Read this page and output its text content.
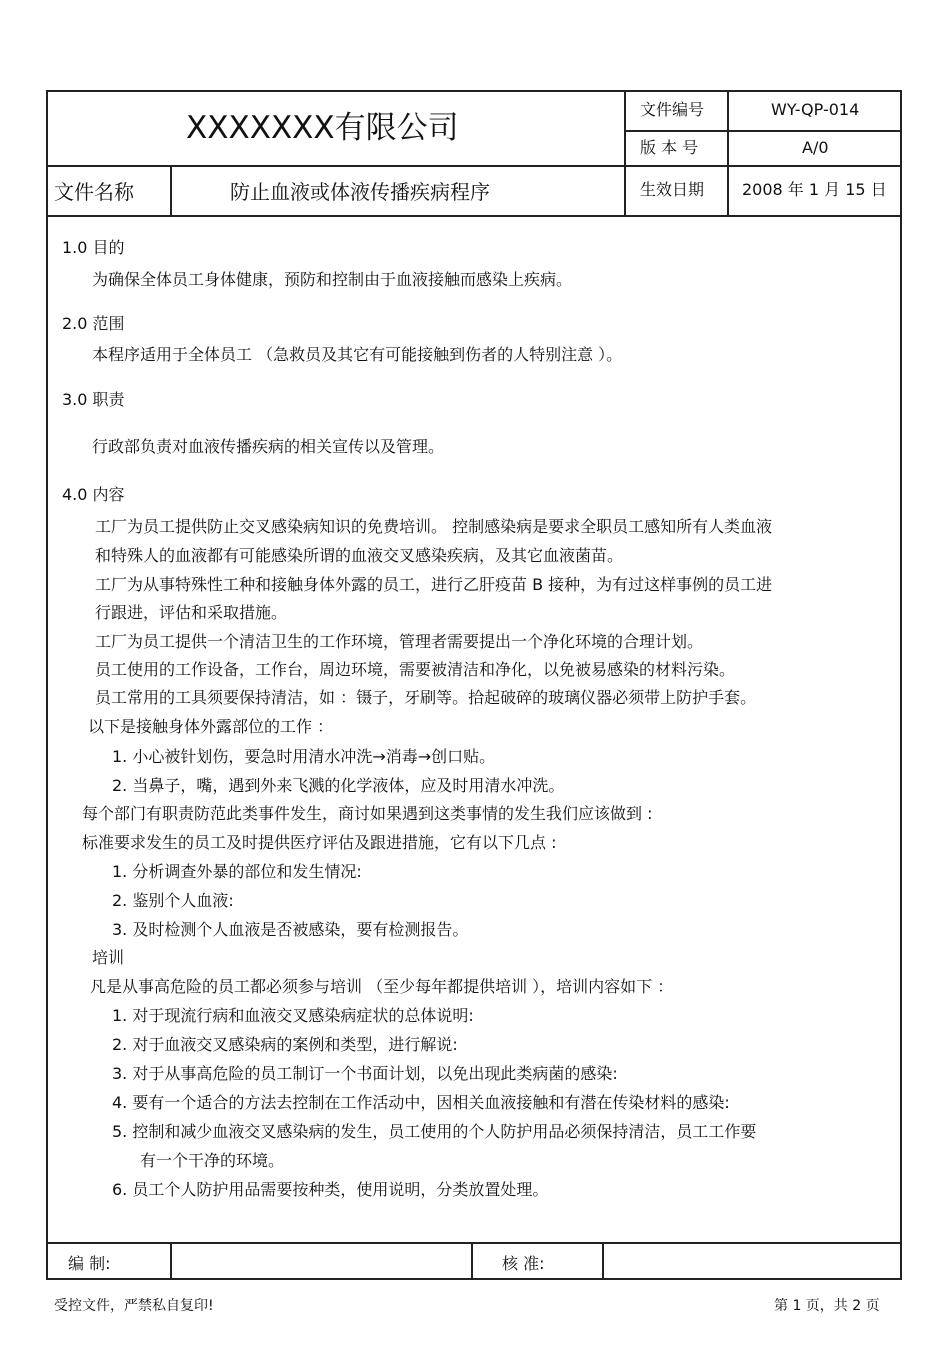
XXXXXXX有限公司
文件编号	WY-QP-014
版 本 号	A/0
文件名称	防止血液或体液传播疾病程序	生效日期 2008 年 1 月 15 日
1.0 目的
为确保全体员工身体健康，预防和控制由于血液接触而感染上疾病。
2.0 范围
本程序适用于全体员工 （急救员及其它有可能接触到伤者的人特别注意 ）。
3.0 职责
行政部负责对血液传播疾病的相关宣传以及管理。
4.0 内容
工厂为员工提供防止交叉感染病知识的免费培训。 控制感染病是要求全职员工感知所有人类血液
和特殊人的血液都有可能感染所谓的血液交叉感染疾病，及其它血液菌苗。
工厂为从事特殊性工种和接触身体外露的员工，进行乙肝疫苗 B 接种，为有过这样事例的员工进
行跟进，评估和采取措施。
工厂为员工提供一个清洁卫生的工作环境，管理者需要提出一个净化环境的合理计划。
员工使用的工作设备，工作台，周边环境，需要被清洁和净化，以免被易感染的材料污染。
员工常用的工具须要保持清洁，如 ：镊子，牙刷等。拾起破碎的玻璃仪器必须带上防护手套。
以下是接触身体外露部位的工作 ：
1. 小心被针划伤，要急时用清水冲洗→消毒→创口贴。
2. 当鼻子，嘴，遇到外来飞溅的化学液体，应及时用清水冲洗。
每个部门有职责防范此类事件发生，商讨如果遇到这类事情的发生我们应该做到 :
标准要求发生的员工及时提供医疗评估及跟进措施，它有以下几点 :
1. 分析调查外暴的部位和发生情况:
2. 鉴别个人血液:
3. 及时检测个人血液是否被感染，要有检测报告。
培训
凡是从事高危险的员工都必须参与培训 （至少每年都提供培训 ），培训内容如下 ：
1. 对于现流行病和血液交叉感染病症状的总体说明:
2. 对于血液交叉感染病的案例和类型，进行解说:
3. 对于从事高危险的员工制订一个书面计划，以免出现此类病菌的感染:
4. 要有一个适合的方法去控制在工作活动中，因相关血液接触和有潜在传染材料的感染:
5. 控制和减少血液交叉感染病的发生，员工使用的个人防护用品必须保持清洁，员工工作要
有一个干净的环境。
6. 员工个人防护用品需要按种类，使用说明，分类放置处理。
编 制:	核 准:
受控文件，严禁私自复印!	第 1 页，共 2 页
